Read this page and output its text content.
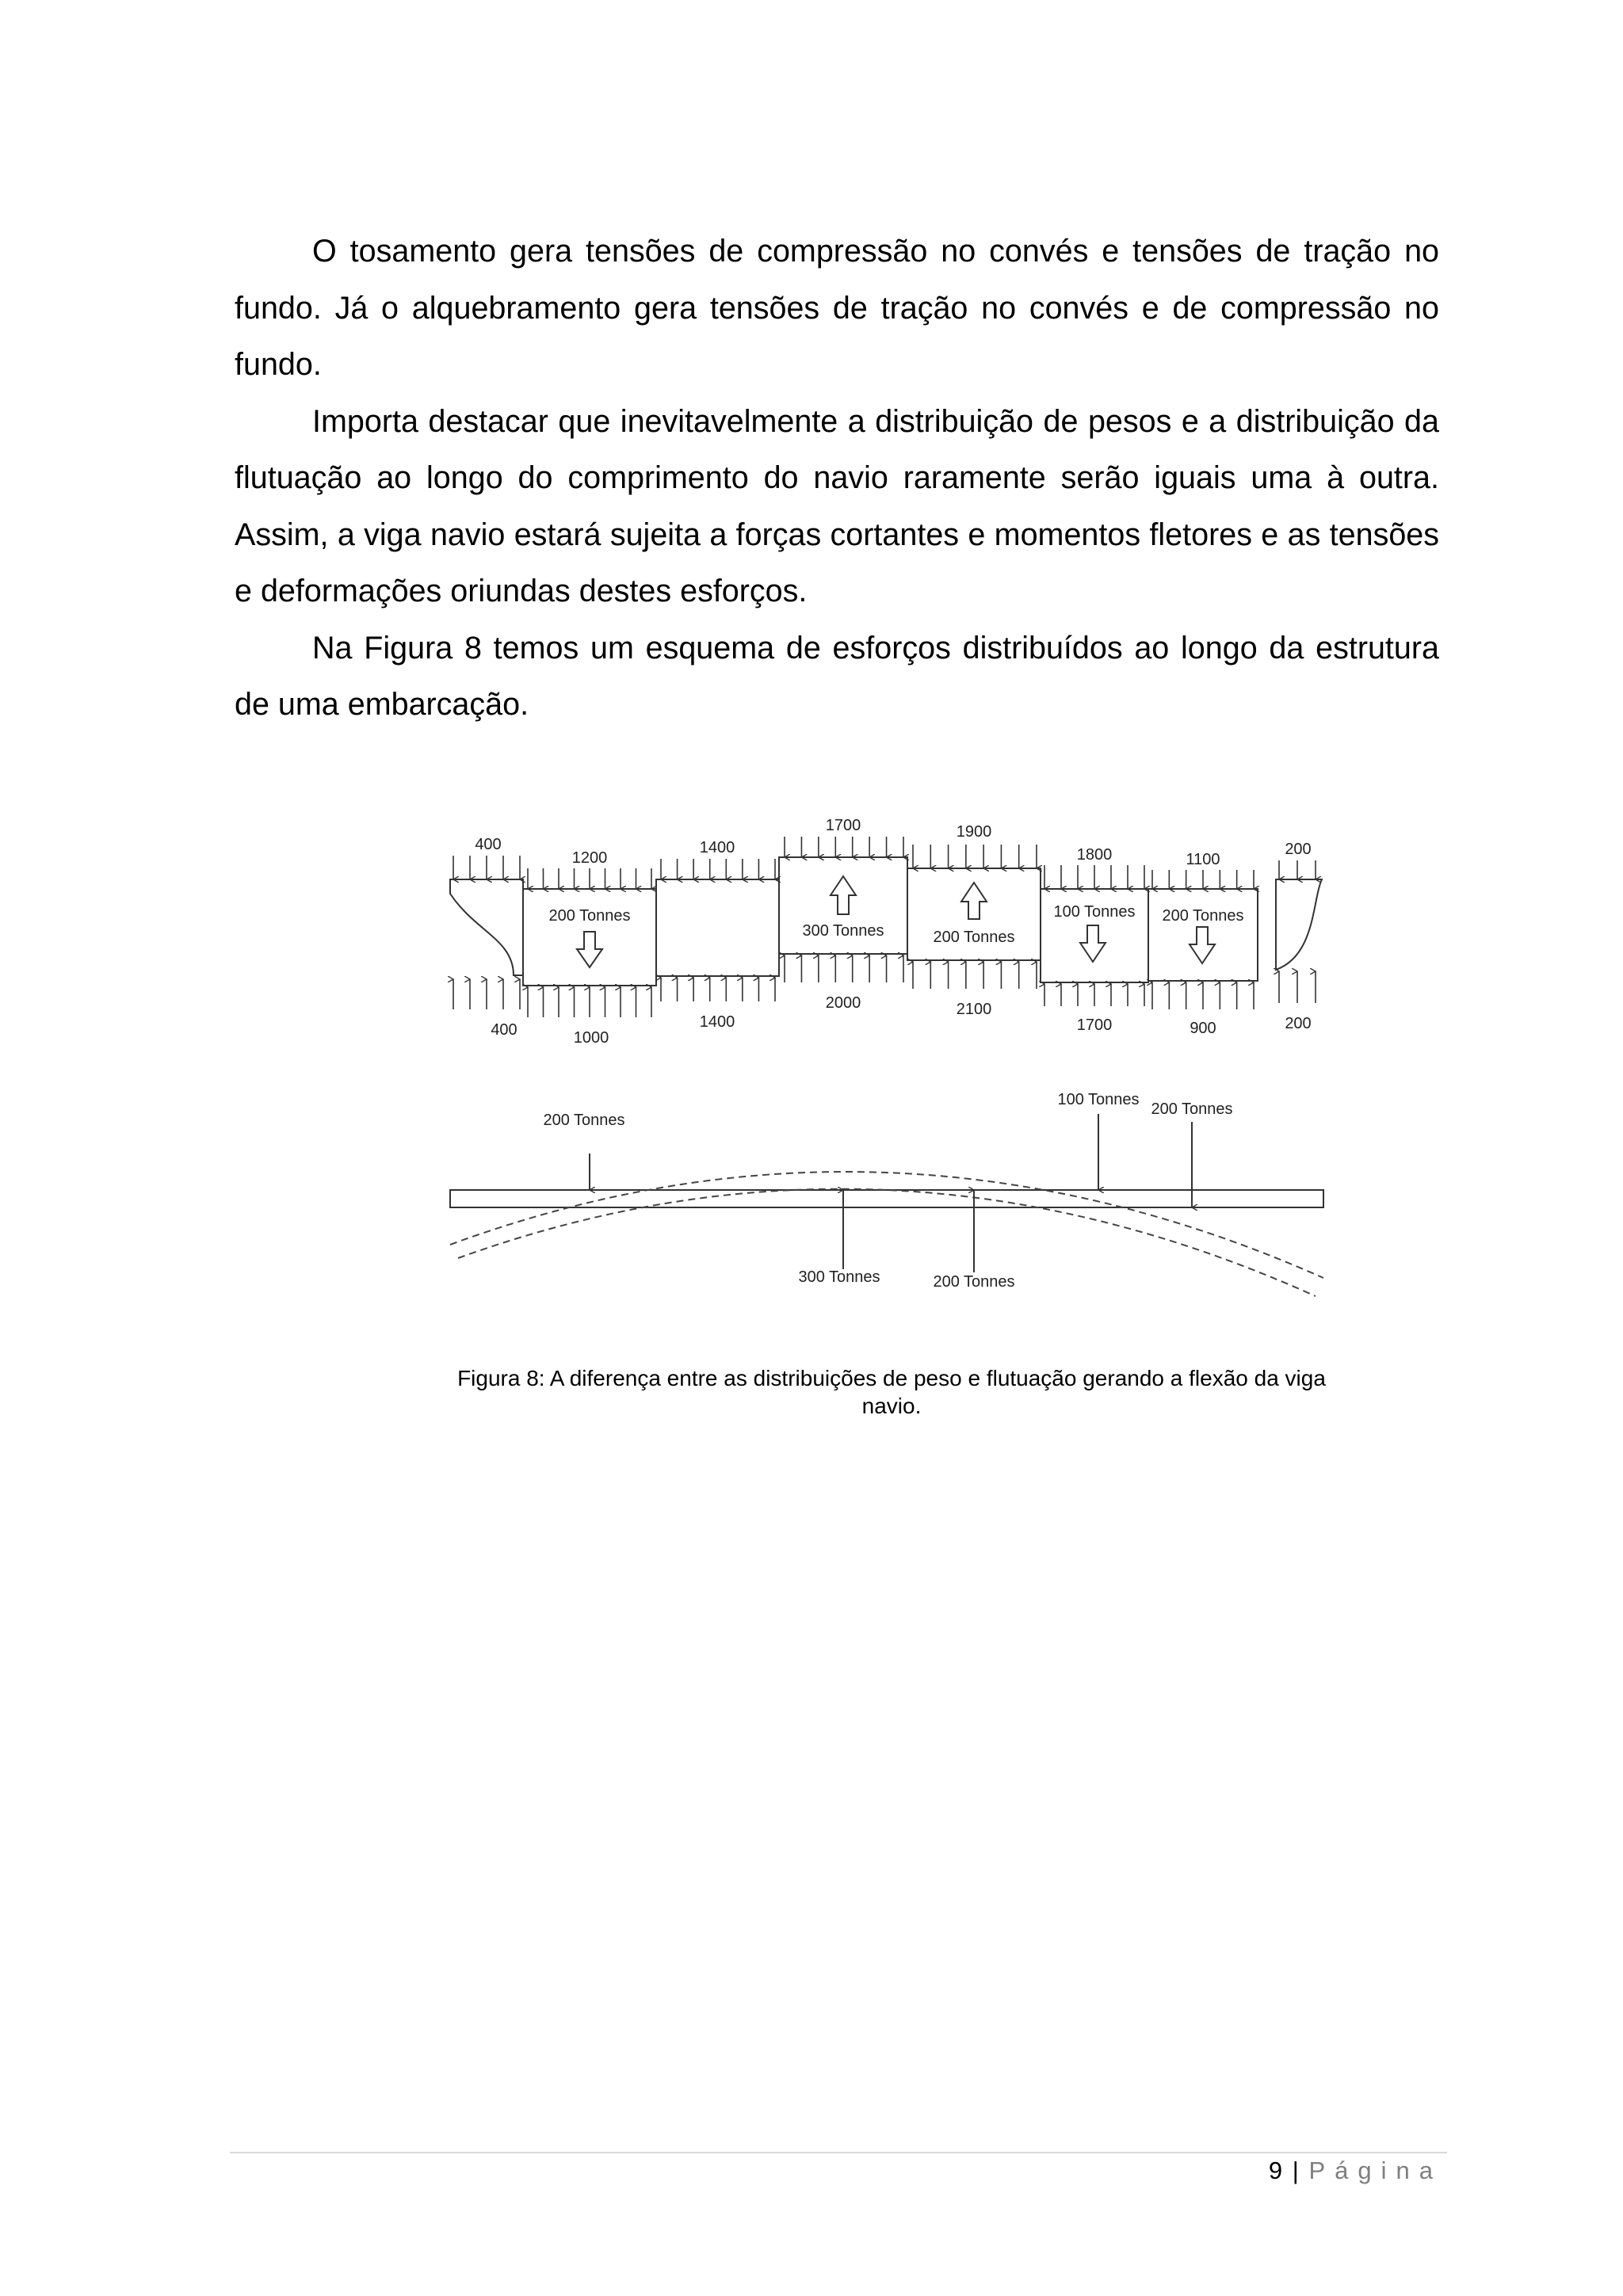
O tosamento gera tensões de compressão no convés e tensões de tração no fundo. Já o alquebramento gera tensões de tração no convés e de compressão no fundo.

Importa destacar que inevitavelmente a distribuição de pesos e a distribuição da flutuação ao longo do comprimento do navio raramente serão iguais uma à outra. Assim, a viga navio estará sujeita a forças cortantes e momentos fletores e as tensões e deformações oriundas destes esforços.

Na Figura 8 temos um esquema de esforços distribuídos ao longo da estrutura de uma embarcação.

400
1200
1400
1700	1900
1800	1100
200
400	1000
1400
2000	2100
1700	900	200
200 Tonnes
300 Tonnes	200 Tonnes
100 Tonnes 200 Tonnes
200 Tonnes
100 Tonnes
200 Tonnes
300 Tonnes	200 Tonnes
Figura 8: A diferença entre as distribuições de peso e flutuação gerando a flexão da viga navio.
9 | Página
